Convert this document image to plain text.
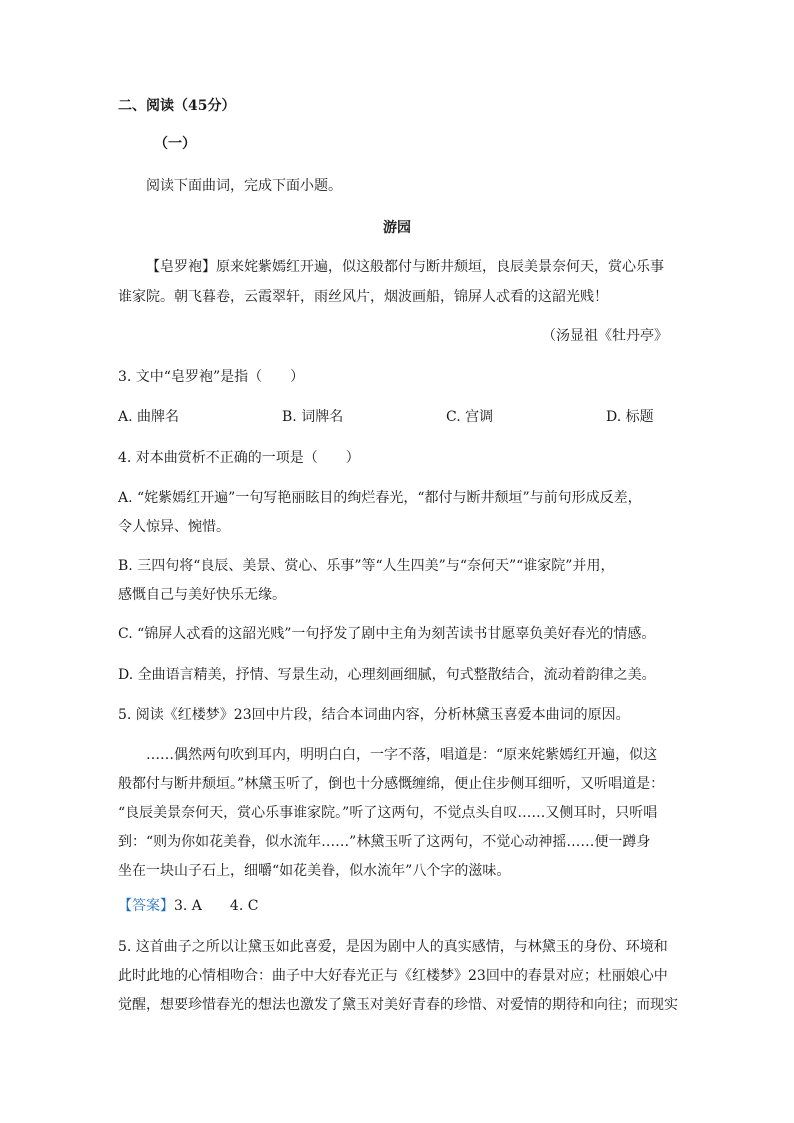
二、阅读（45分）
（一）
阅读下面曲词，完成下面小题。
游园
【皂罗袍】原来姹紫嫣红开遍，似这般都付与断井颓垣，良辰美景奈何天，赏心乐事
谁家院。朝飞暮卷，云霞翠轩，雨丝风片，烟波画船，锦屏人忒看的这韶光贱！
（汤显祖《牡丹亭》
3. 文中“皂罗袍”是指（　　）
A. 曲牌名	B. 词牌名	C. 宫调	D. 标题
4. 对本曲赏析不正确的一项是（　　）
A. “姹紫嫣红开遍”一句写艳丽眩目的绚烂春光，“都付与断井颓垣”与前句形成反差，
令人惊异、惋惜。
B. 三四句将“良辰、美景、赏心、乐事”等“人生四美”与“奈何天”“谁家院”并用，
感慨自己与美好快乐无缘。
C. “锦屏人忒看的这韶光贱”一句抒发了剧中主角为刻苦读书甘愿辜负美好春光的情感。
D. 全曲语言精美，抒情、写景生动，心理刻画细腻，句式整散结合，流动着韵律之美。
5. 阅读《红楼梦》23回中片段，结合本词曲内容，分析林黛玉喜爱本曲词的原因。
……偶然两句吹到耳内，明明白白，一字不落，唱道是：“原来姹紫嫣红开遍，似这
般都付与断井颓垣。”林黛玉听了，倒也十分感慨缠绵，便止住步侧耳细听，又听唱道是：
“良辰美景奈何天，赏心乐事谁家院。”听了这两句，不觉点头自叹……又侧耳时，只听唱
到：“则为你如花美眷，似水流年……”林黛玉听了这两句，不觉心动神摇……便一蹲身
坐在一块山子石上，细嚼“如花美眷，似水流年”八个字的滋味。
【答案】3. A　　4. C
5. 这首曲子之所以让黛玉如此喜爱，是因为剧中人的真实感情，与林黛玉的身份、环境和
此时此地的心情相吻合：曲子中大好春光正与《红楼梦》23回中的春景对应；杜丽娘心中
觉醒，想要珍惜春光的想法也激发了黛玉对美好青春的珍惜、对爱情的期待和向往；而现实
